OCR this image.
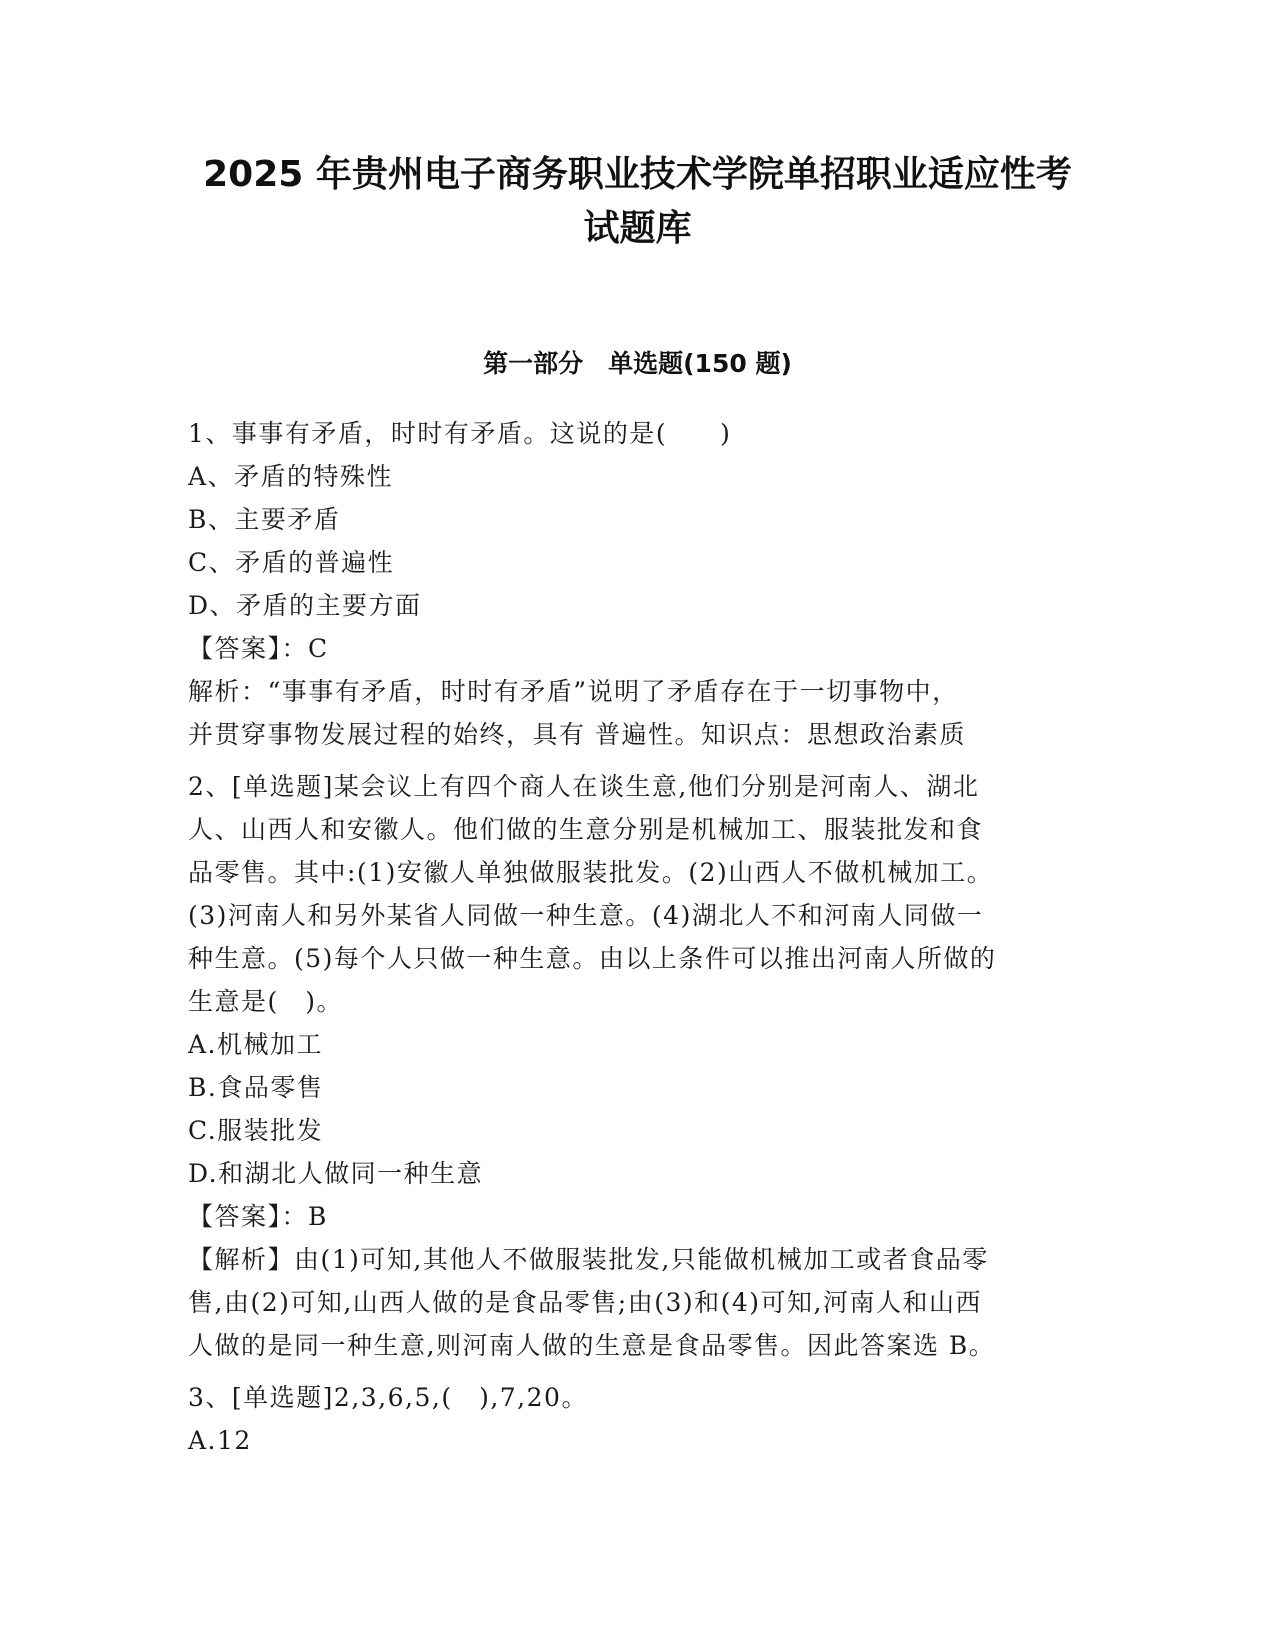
2025 年贵州电子商务职业技术学院单招职业适应性考
试题库
第一部分　单选题(150 题)
1、事事有矛盾，时时有矛盾。这说的是(　　)
A、矛盾的特殊性
B、主要矛盾
C、矛盾的普遍性
D、矛盾的主要方面
【答案】：C
解析：“事事有矛盾，时时有矛盾”说明了矛盾存在于一切事物中，
并贯穿事物发展过程的始终，具有 普遍性。知识点：思想政治素质
2、[单选题]某会议上有四个商人在谈生意,他们分别是河南人、湖北
人、山西人和安徽人。他们做的生意分别是机械加工、服装批发和食
品零售。其中:(1)安徽人单独做服装批发。(2)山西人不做机械加工。
(3)河南人和另外某省人同做一种生意。(4)湖北人不和河南人同做一
种生意。(5)每个人只做一种生意。由以上条件可以推出河南人所做的
生意是(　)。
A.机械加工
B.食品零售
C.服装批发
D.和湖北人做同一种生意
【答案】：B
【解析】由(1)可知,其他人不做服装批发,只能做机械加工或者食品零
售,由(2)可知,山西人做的是食品零售;由(3)和(4)可知,河南人和山西
人做的是同一种生意,则河南人做的生意是食品零售。因此答案选 B。
3、[单选题]2,3,6,5,(　),7,20。
A.12
